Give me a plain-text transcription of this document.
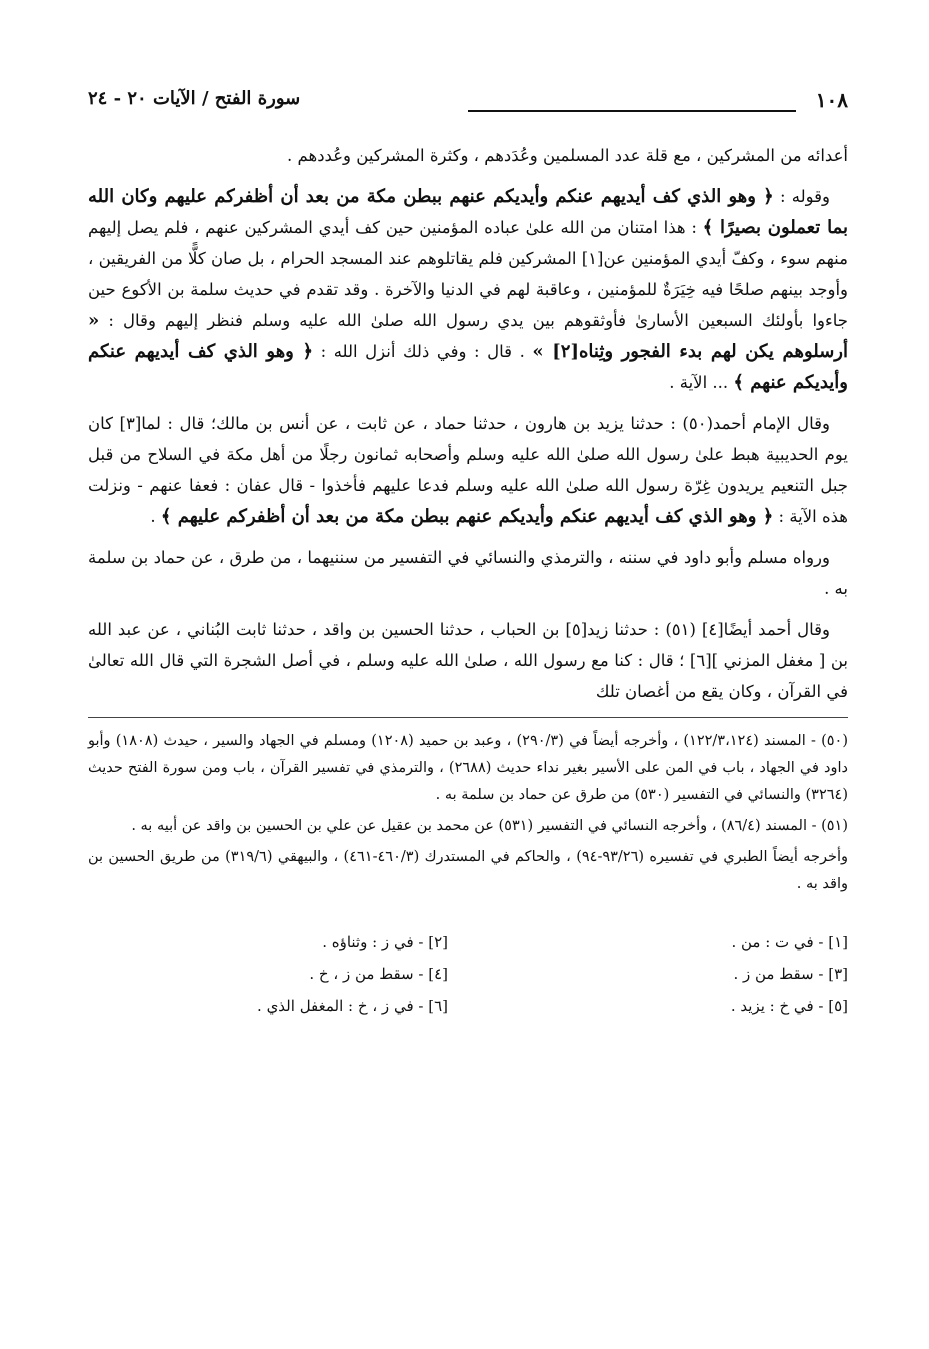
١٠٨
سورة الفتح / الآيات ٢٠ - ٢٤

أعدائه من المشركين ، مع قلة عدد المسلمين وعُدَدهم ، وكثرة المشركين وعُددهم .

وقوله : ﴿ وهو الذي كف أيديهم عنكم وأيديكم عنهم ببطن مكة من بعد أن أظفركم عليهم وكان الله بما تعملون بصيرًا ﴾ : هذا امتنان من الله علىٰ عباده المؤمنين حين كف أيدي المشركين عنهم ، فلم يصل إليهم منهم سوء ، وكفّ أيدي المؤمنين عن[١] المشركين فلم يقاتلوهم عند المسجد الحرام ، بل صان كلًّا من الفريقين ، وأوجد بينهم صلحًا فيه خِيَرَةٌ للمؤمنين ، وعاقبة لهم في الدنيا والآخرة . وقد تقدم في حديث سلمة بن الأكوع حين جاءوا بأولئك السبعين الأسارىٰ فأوثقوهم بين يدي رسول الله صلىٰ الله عليه وسلم فنظر إليهم وقال : « أرسلوهم يكن لهم بدء الفجور وثِناه[٢] » . قال : وفي ذلك أنزل الله : ﴿ وهو الذي كف أيديهم عنكم وأيديكم عنهم ﴾ ... الآية .

وقال الإمام أحمد(٥٠) : حدثنا يزيد بن هارون ، حدثنا حماد ، عن ثابت ، عن أنس بن مالك؛ قال : لما[٣] كان يوم الحديبية هبط علىٰ رسول الله صلىٰ الله عليه وسلم وأصحابه ثمانون رجلًا من أهل مكة في السلاح من قبل جبل التنعيم يريدون غِرّة رسول الله صلىٰ الله عليه وسلم فدعا عليهم فأخذوا - قال عفان : فعفا عنهم - ونزلت هذه الآية : ﴿ وهو الذي كف أيديهم عنكم وأيديكم عنهم ببطن مكة من بعد أن أظفركم عليهم ﴾ .

ورواه مسلم وأبو داود في سننه ، والترمذي والنسائي في التفسير من سننيهما ، من طرق ، عن حماد بن سلمة به .

وقال أحمد أيضًا[٤] (٥١) : حدثنا زيد[٥] بن الحباب ، حدثنا الحسين بن واقد ، حدثنا ثابت البُناني ، عن عبد الله بن [ مغفل المزني ][٦] ؛ قال : كنا مع رسول الله ، صلىٰ الله عليه وسلم ، في أصل الشجرة التي قال الله تعالىٰ في القرآن ، وكان يقع من أغصان تلك

(٥٠) - المسند (١٢٢/٣،١٢٤) ، وأخرجه أيضاً في (٢٩٠/٣) ، وعبد بن حميد (١٢٠٨) ومسلم في الجهاد والسير ، حيدث (١٨٠٨) وأبو داود في الجهاد ، باب في المن على الأسير بغير نداء حديث (٢٦٨٨) ، والترمذي في تفسير القرآن ، باب ومن سورة الفتح حديث (٣٢٦٤) والنسائي في التفسير (٥٣٠) من طرق عن حماد بن سلمة به .

(٥١) - المسند (٨٦/٤) ، وأخرجه النسائي في التفسير (٥٣١) عن محمد بن عقيل عن علي بن الحسين بن واقد عن أبيه به .

وأخرجه أيضاً الطبري في تفسيره (٩٣/٢٦-٩٤) ، والحاكم في المستدرك (٤٦٠/٣-٤٦١) ، والبيهقي (٣١٩/٦) من طريق الحسين بن واقد به .

[١] - في ت : من .
[٢] - في ز : وثناؤه .
[٣] - سقط من ز .
[٤] - سقط من ز ، خ .
[٥] - في خ : يزيد .
[٦] - في ز ، خ : المغفل الذي .
